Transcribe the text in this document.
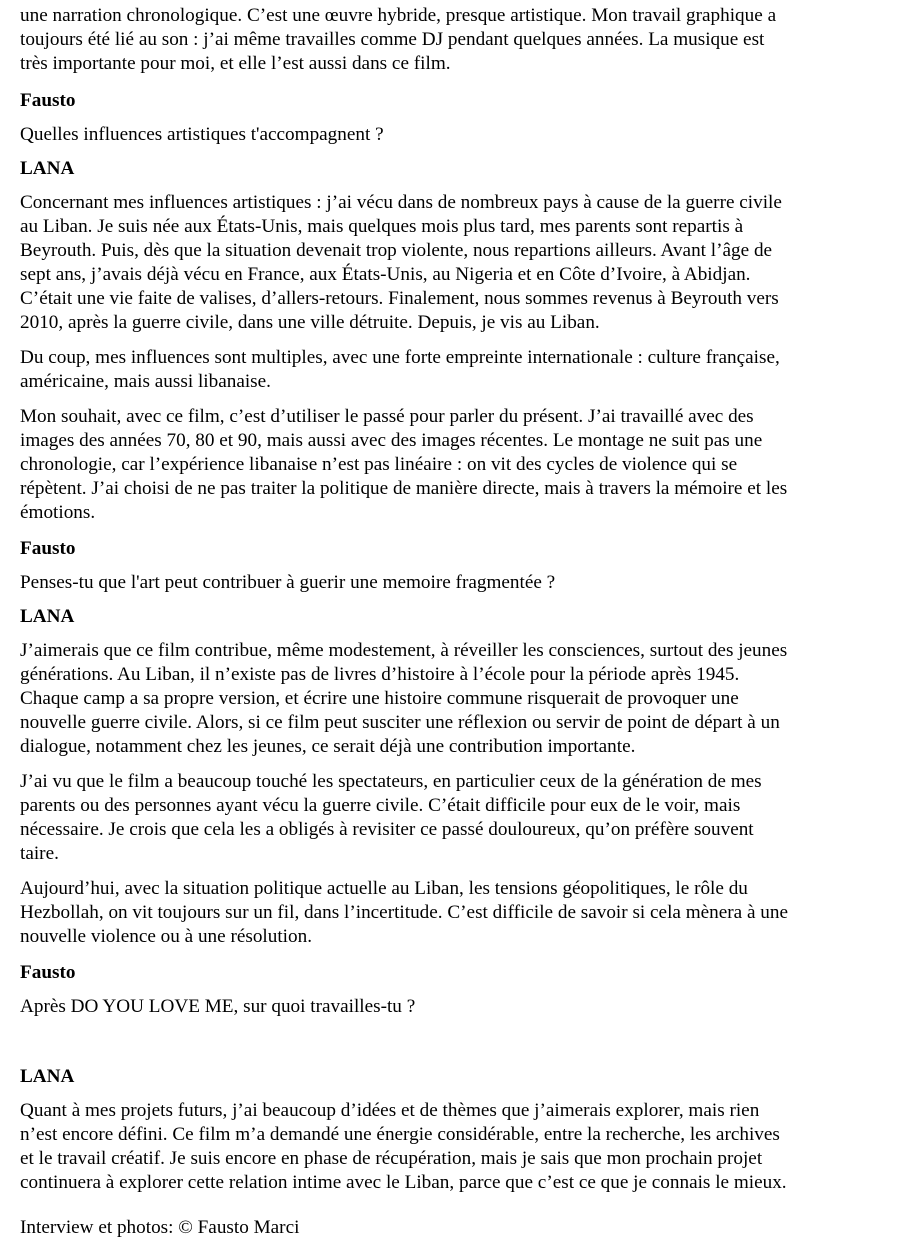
une narration chronologique. C’est une œuvre hybride, presque artistique. Mon travail graphique a
toujours été lié au son : j’ai même travailles comme DJ pendant quelques années. La musique est
très importante pour moi, et elle l’est aussi dans ce film.

Fausto

Quelles influences artistiques t'accompagnent ?

LANA

Concernant mes influences artistiques : j’ai vécu dans de nombreux pays à cause de la guerre civile
au Liban. Je suis née aux États-Unis, mais quelques mois plus tard, mes parents sont repartis à
Beyrouth. Puis, dès que la situation devenait trop violente, nous repartions ailleurs. Avant l’âge de
sept ans, j’avais déjà vécu en France, aux États-Unis, au Nigeria et en Côte d’Ivoire, à Abidjan.
C’était une vie faite de valises, d’allers-retours. Finalement, nous sommes revenus à Beyrouth vers
2010, après la guerre civile, dans une ville détruite. Depuis, je vis au Liban.

Du coup, mes influences sont multiples, avec une forte empreinte internationale : culture française,
américaine, mais aussi libanaise.

Mon souhait, avec ce film, c’est d’utiliser le passé pour parler du présent. J’ai travaillé avec des
images des années 70, 80 et 90, mais aussi avec des images récentes. Le montage ne suit pas une
chronologie, car l’expérience libanaise n’est pas linéaire : on vit des cycles de violence qui se
répètent. J’ai choisi de ne pas traiter la politique de manière directe, mais à travers la mémoire et les
émotions.

Fausto

Penses-tu que l'art peut contribuer à guerir une memoire fragmentée ?

LANA

J’aimerais que ce film contribue, même modestement, à réveiller les consciences, surtout des jeunes
générations. Au Liban, il n’existe pas de livres d’histoire à l’école pour la période après 1945.
Chaque camp a sa propre version, et écrire une histoire commune risquerait de provoquer une
nouvelle guerre civile. Alors, si ce film peut susciter une réflexion ou servir de point de départ à un
dialogue, notamment chez les jeunes, ce serait déjà une contribution importante.

J’ai vu que le film a beaucoup touché les spectateurs, en particulier ceux de la génération de mes
parents ou des personnes ayant vécu la guerre civile. C’était difficile pour eux de le voir, mais
nécessaire. Je crois que cela les a obligés à revisiter ce passé douloureux, qu’on préfère souvent
taire.

Aujourd’hui, avec la situation politique actuelle au Liban, les tensions géopolitiques, le rôle du
Hezbollah, on vit toujours sur un fil, dans l’incertitude. C’est difficile de savoir si cela mènera à une
nouvelle violence ou à une résolution.

Fausto

Après DO YOU LOVE ME, sur quoi travailles-tu ?

LANA

Quant à mes projets futurs, j’ai beaucoup d’idées et de thèmes que j’aimerais explorer, mais rien
n’est encore défini. Ce film m’a demandé une énergie considérable, entre la recherche, les archives
et le travail créatif. Je suis encore en phase de récupération, mais je sais que mon prochain projet
continuera à explorer cette relation intime avec le Liban, parce que c’est ce que je connais le mieux.

Interview et photos: © Fausto Marci
